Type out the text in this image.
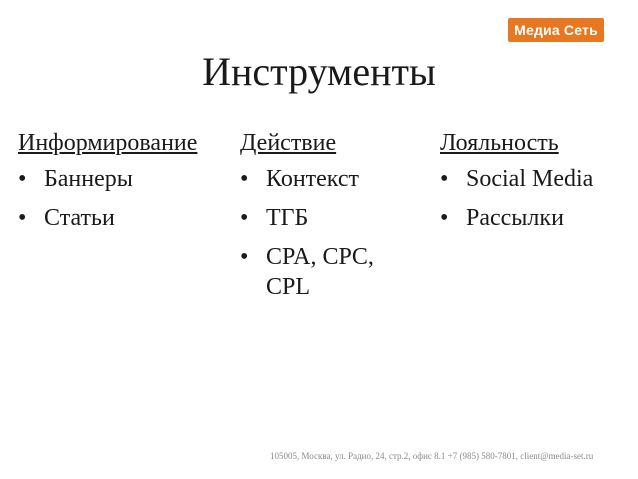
Медиа Сеть
Инструменты
Информирование
• Баннеры
• Статьи
Действие
• Контекст
• ТГБ
• CPA, CPC, CPL
Лояльность
• Social Media
• Рассылки
105005, Москва, ул. Радио, 24, стр.2, офис 8.1 +7 (985) 580-7801, client@media-set.ru
